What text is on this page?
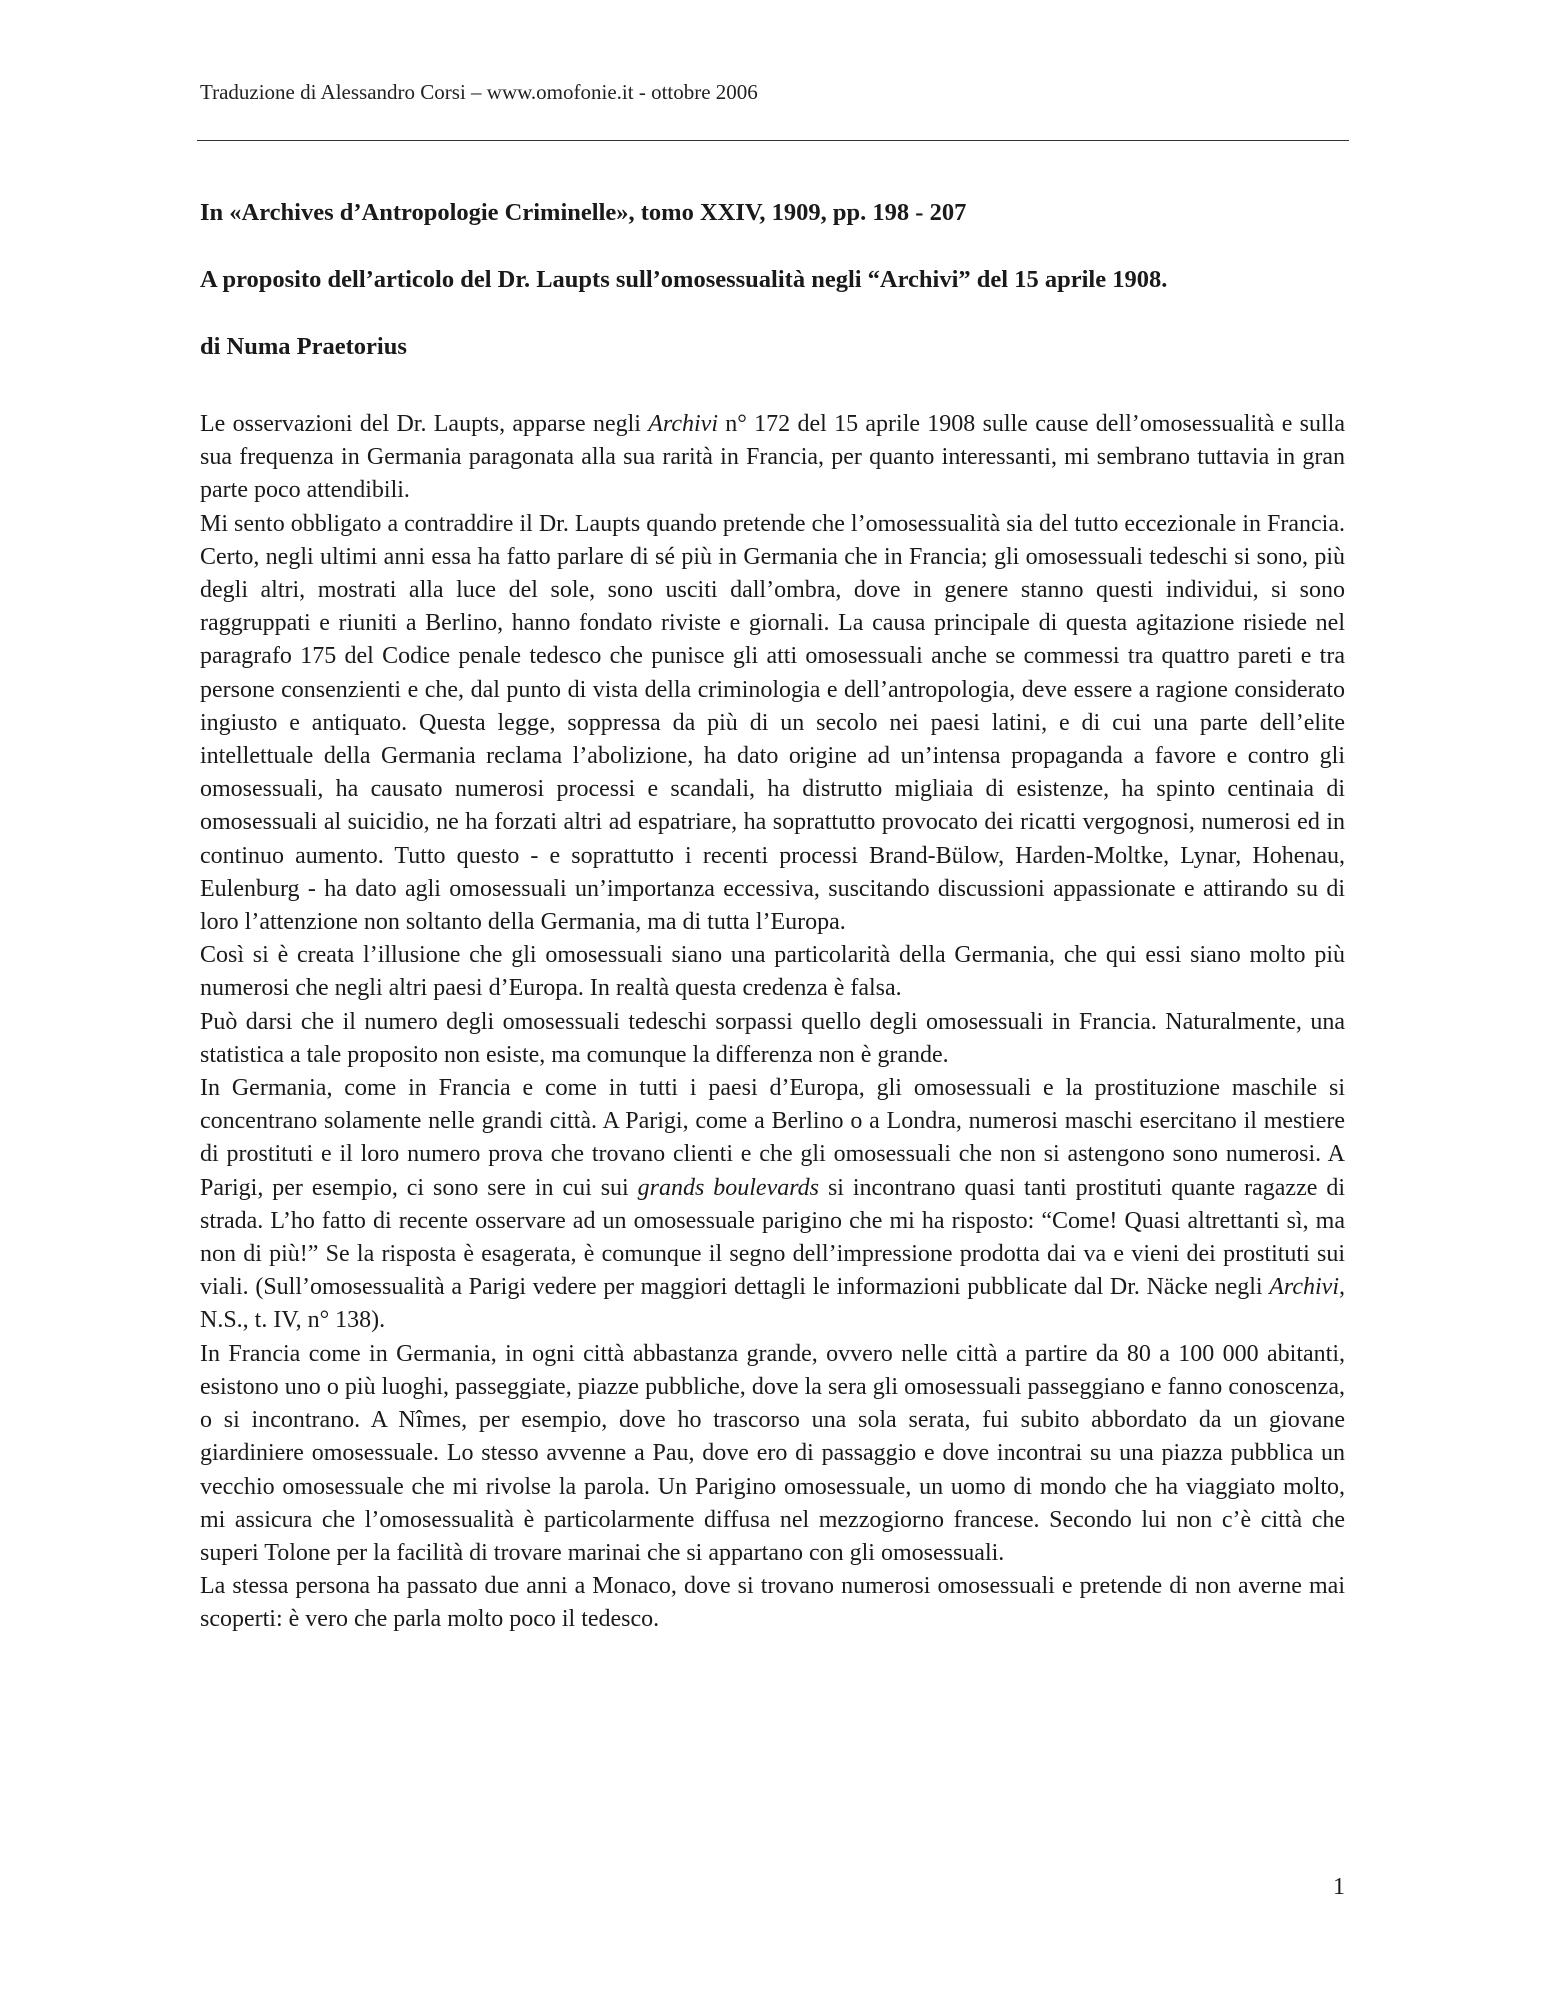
Traduzione di Alessandro Corsi – www.omofonie.it - ottobre 2006
In «Archives d’Antropologie Criminelle», tomo XXIV, 1909, pp. 198 - 207
A proposito dell’articolo del Dr. Laupts sull’omosessualità negli “Archivi” del 15 aprile 1908.
di Numa Praetorius

Le osservazioni del Dr. Laupts, apparse negli Archivi n° 172 del 15 aprile 1908 sulle cause dell’omosessualità e sulla sua frequenza in Germania paragonata alla sua rarità in Francia, per quanto interessanti, mi sembrano tuttavia in gran parte poco attendibili.

Mi sento obbligato a contraddire il Dr. Laupts quando pretende che l’omosessualità sia del tutto eccezionale in Francia. Certo, negli ultimi anni essa ha fatto parlare di sé più in Germania che in Francia; gli omosessuali tedeschi si sono, più degli altri, mostrati alla luce del sole, sono usciti dall’ombra, dove in genere stanno questi individui, si sono raggruppati e riuniti a Berlino, hanno fondato riviste e giornali. La causa principale di questa agitazione risiede nel paragrafo 175 del Codice penale tedesco che punisce gli atti omosessuali anche se commessi tra quattro pareti e tra persone consenzienti e che, dal punto di vista della criminologia e dell’antropologia, deve essere a ragione considerato ingiusto e antiquato. Questa legge, soppressa da più di un secolo nei paesi latini, e di cui una parte dell’elite intellettuale della Germania reclama l’abolizione, ha dato origine ad un’intensa propaganda a favore e contro gli omosessuali, ha causato numerosi processi e scandali, ha distrutto migliaia di esistenze, ha spinto centinaia di omosessuali al suicidio, ne ha forzati altri ad espatriare, ha soprattutto provocato dei ricatti vergognosi, numerosi ed in continuo aumento. Tutto questo - e soprattutto i recenti processi Brand-Bülow, Harden-Moltke, Lynar, Hohenau, Eulenburg - ha dato agli omosessuali un’importanza eccessiva, suscitando discussioni appassionate e attirando su di loro l’attenzione non soltanto della Germania, ma di tutta l’Europa.

Così si è creata l’illusione che gli omosessuali siano una particolarità della Germania, che qui essi siano molto più numerosi che negli altri paesi d’Europa. In realtà questa credenza è falsa.

Può darsi che il numero degli omosessuali tedeschi sorpassi quello degli omosessuali in Francia. Naturalmente, una statistica a tale proposito non esiste, ma comunque la differenza non è grande.

In Germania, come in Francia e come in tutti i paesi d’Europa, gli omosessuali e la prostituzione maschile si concentrano solamente nelle grandi città. A Parigi, come a Berlino o a Londra, numerosi maschi esercitano il mestiere di prostituti e il loro numero prova che trovano clienti e che gli omosessuali che non si astengono sono numerosi. A Parigi, per esempio, ci sono sere in cui sui grands boulevards si incontrano quasi tanti prostituti quante ragazze di strada. L’ho fatto di recente osservare ad un omosessuale parigino che mi ha risposto: “Come! Quasi altrettanti sì, ma non di più!” Se la risposta è esagerata, è comunque il segno dell’impressione prodotta dai va e vieni dei prostituti sui viali. (Sull’omosessualità a Parigi vedere per maggiori dettagli le informazioni pubblicate dal Dr. Näcke negli Archivi, N.S., t. IV, n° 138).

In Francia come in Germania, in ogni città abbastanza grande, ovvero nelle città a partire da 80 a 100 000 abitanti, esistono uno o più luoghi, passeggiate, piazze pubbliche, dove la sera gli omosessuali passeggiano e fanno conoscenza, o si incontrano. A Nîmes, per esempio, dove ho trascorso una sola serata, fui subito abbordato da un giovane giardiniere omosessuale. Lo stesso avvenne a Pau, dove ero di passaggio e dove incontrai su una piazza pubblica un vecchio omosessuale che mi rivolse la parola. Un Parigino omosessuale, un uomo di mondo che ha viaggiato molto, mi assicura che l’omosessualità è particolarmente diffusa nel mezzogiorno francese. Secondo lui non c’è città che superi Tolone per la facilità di trovare marinai che si appartano con gli omosessuali.

La stessa persona ha passato due anni a Monaco, dove si trovano numerosi omosessuali e pretende di non averne mai scoperti: è vero che parla molto poco il tedesco.

1
